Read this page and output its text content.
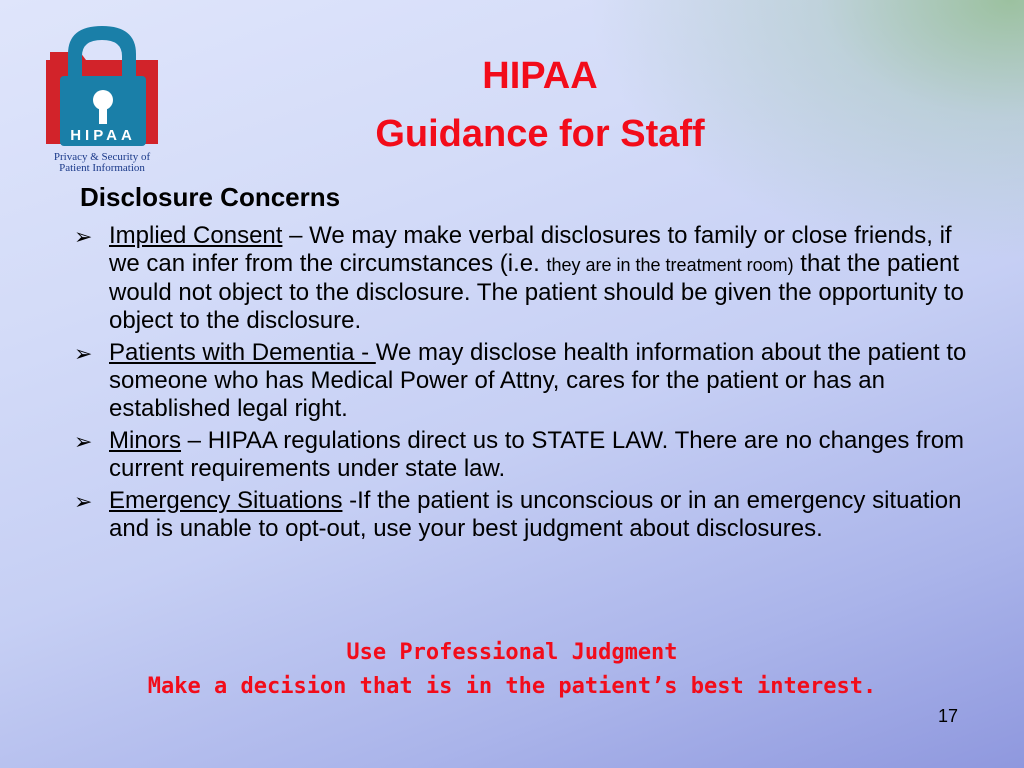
HIPAA
Privacy & Security of
Patient Information
HIPAA
Guidance for Staff
Disclosure Concerns
➢ Implied Consent – We may make verbal disclosures to family or close friends, if we can infer from the circumstances (i.e. they are in the treatment room) that the patient would not object to the disclosure. The patient should be given the opportunity to object to the disclosure.
➢ Patients with Dementia - We may disclose health information about the patient to someone who has Medical Power of Attny, cares for the patient or has an established legal right.
➢ Minors – HIPAA regulations direct us to STATE LAW. There are no changes from current requirements under state law.
➢ Emergency Situations -If the patient is unconscious or in an emergency situation and is unable to opt-out, use your best judgment about disclosures.
Use Professional Judgment
Make a decision that is in the patient’s best interest.
17
